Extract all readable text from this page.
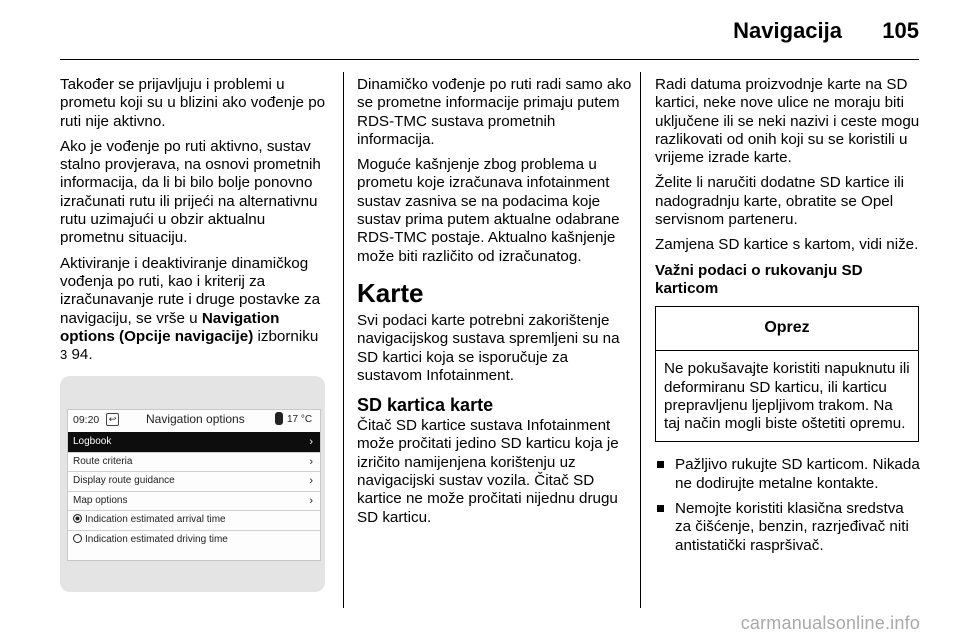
Navigacija 105

Također se prijavljuju i problemi u prometu koji su u blizini ako vođenje po ruti nije aktivno.

Ako je vođenje po ruti aktivno, sustav stalno provjerava, na osnovi prometnih informacija, da li bi bilo bolje ponovno izračunati rutu ili prijeći na alternativnu rutu uzimajući u obzir aktualnu prometnu situaciju.

Aktiviranje i deaktiviranje dinamičkog vođenja po ruti, kao i kriterij za izračunavanje rute i druge postavke za navigaciju, se vrše u Navigation options (Opcije navigacije) izborniku
3 94.

09:20	↩ Navigation options	17 °C
Logbook	›
Route criteria	›
Display route guidance	›
Map options	›
Indication estimated arrival time
Indication estimated driving time

Dinamičko vođenje po ruti radi samo ako se prometne informacije primaju putem RDS-TMC sustava prometnih informacija.

Moguće kašnjenje zbog problema u prometu koje izračunava infotainment sustav zasniva se na podacima koje sustav prima putem aktualne odabrane RDS-TMC postaje. Aktualno kašnjenje može biti različito od izračunatog.

Karte

Svi podaci karte potrebni zakorištenje navigacijskog sustava spremljeni su na SD kartici koja se isporučuje za sustavom Infotainment.

SD kartica karte

Čitač SD kartice sustava Infotainment može pročitati jedino SD karticu koja je izričito namijenjena korištenju uz navigacijski sustav vozila. Čitač SD kartice ne može pročitati nijednu drugu SD karticu.

Radi datuma proizvodnje karte na SD kartici, neke nove ulice ne moraju biti uključene ili se neki nazivi i ceste mogu razlikovati od onih koji su se koristili u vrijeme izrade karte.

Želite li naručiti dodatne SD kartice ili nadogradnju karte, obratite se Opel servisnom parteneru.

Zamjena SD kartice s kartom, vidi niže.

Važni podaci o rukovanju SD karticom
Oprez
Ne pokušavajte koristiti napuknutu ili deformiranu SD karticu, ili karticu prepravljenu ljepljivom trakom. Na taj način mogli biste oštetiti opremu.
Pažljivo rukujte SD karticom. Nikada ne dodirujte metalne kontakte.
Nemojte koristiti klasična sredstva za čišćenje, benzin, razrjeđivač niti antistatički raspršivač.
carmanualsonline.info
